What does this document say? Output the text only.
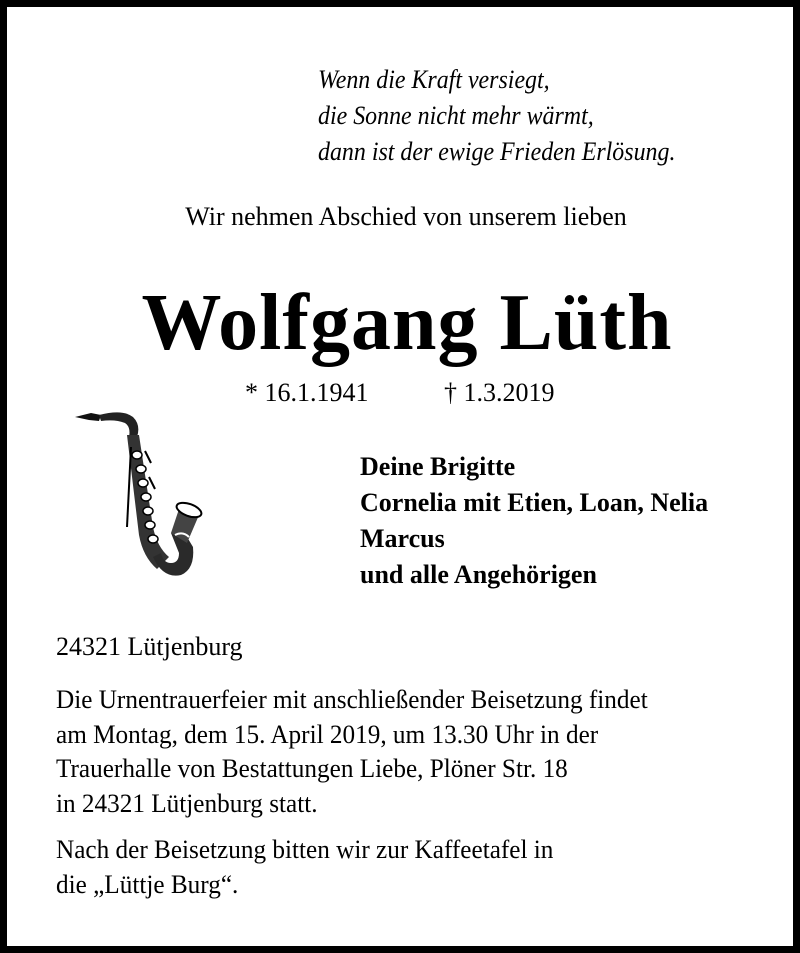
Wenn die Kraft versiegt,
die Sonne nicht mehr wärmt,
dann ist der ewige Frieden Erlösung.
Wir nehmen Abschied von unserem lieben
Wolfgang Lüth
* 16.1.1941	† 1.3.2019
Deine Brigitte
Cornelia mit Etien, Loan, Nelia
Marcus
und alle Angehörigen
24321 Lütjenburg
Die Urnentrauerfeier mit anschließender Beisetzung findet
am Montag, dem 15. April 2019, um 13.30 Uhr in der
Trauerhalle von Bestattungen Liebe, Plöner Str. 18
in 24321 Lütjenburg statt.
Nach der Beisetzung bitten wir zur Kaffeetafel in
die „Lüttje Burg“.
